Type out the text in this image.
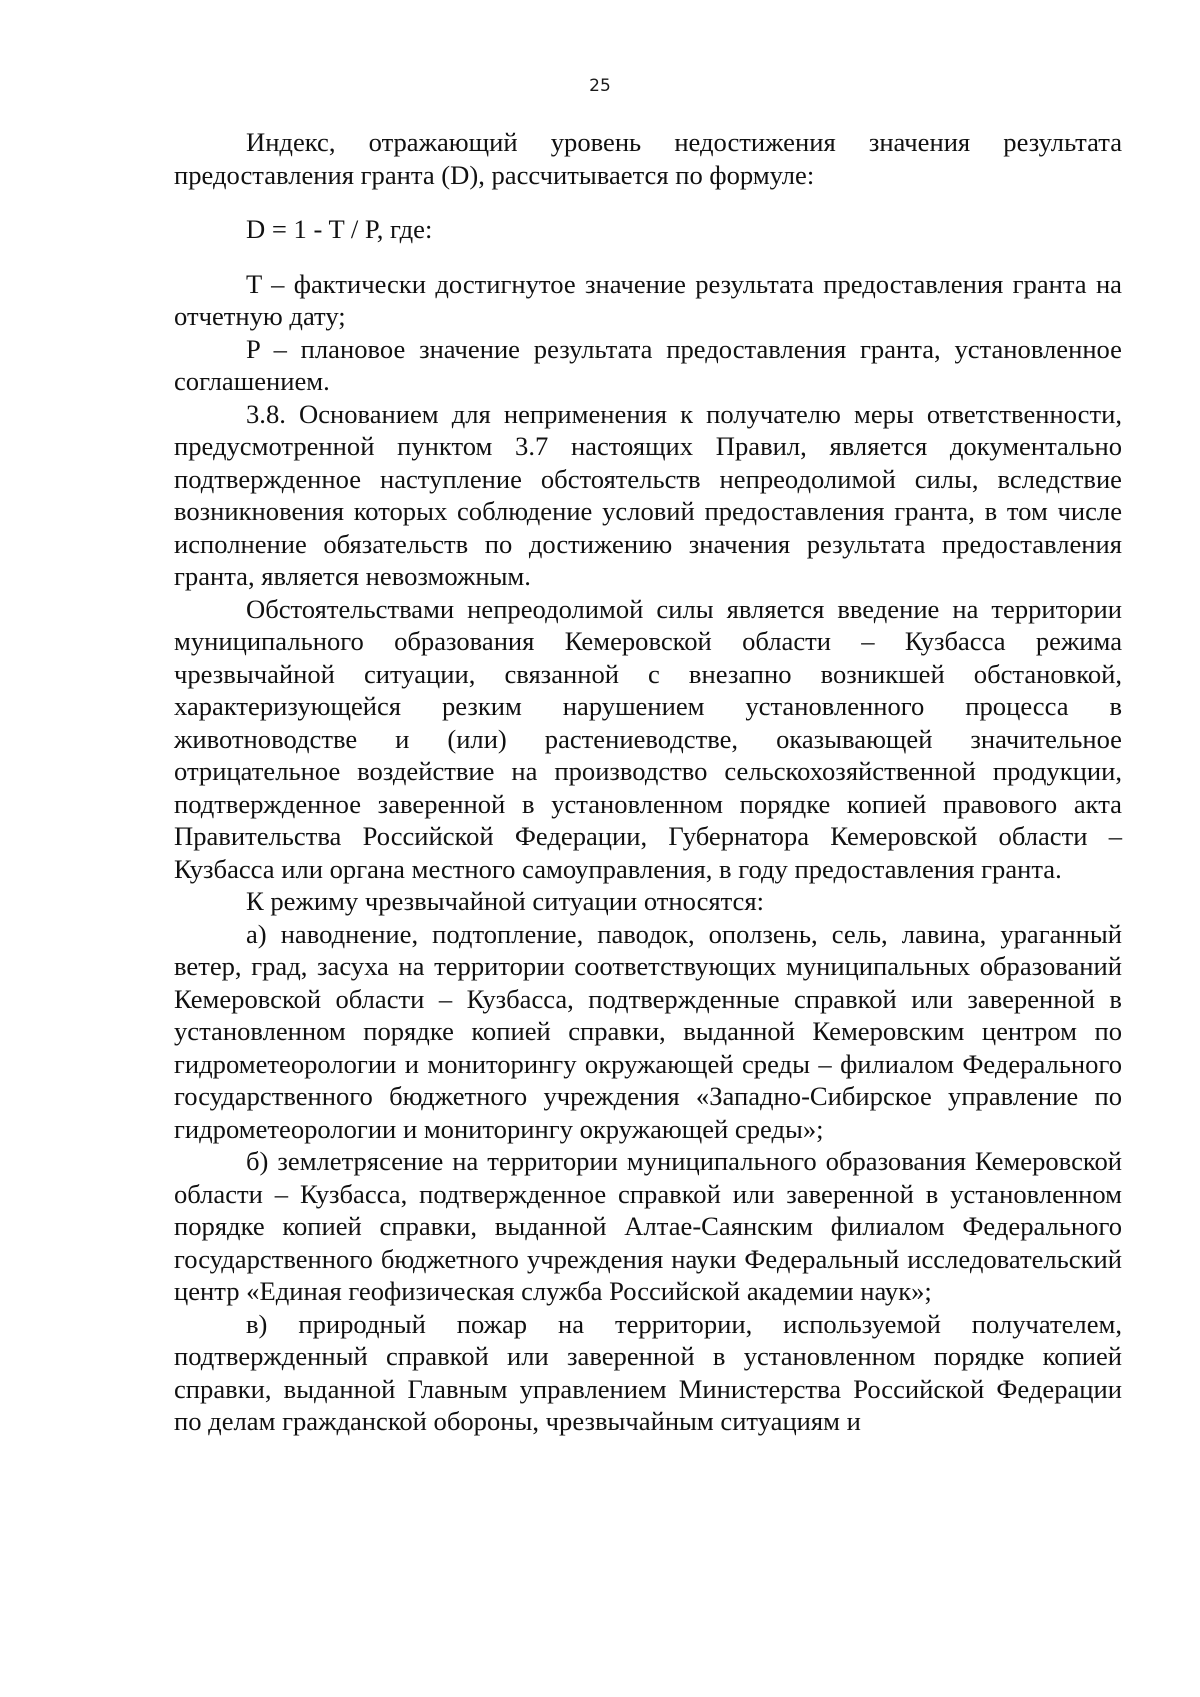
25

Индекс, отражающий уровень недостижения значения результата предоставления гранта (D), рассчитывается по формуле:

D = 1 - T / P, где:

T – фактически достигнутое значение результата предоставления гранта на отчетную дату;

P – плановое значение результата предоставления гранта, установленное соглашением.

3.8. Основанием для неприменения к получателю меры ответственности, предусмотренной пунктом 3.7 настоящих Правил, является документально подтвержденное наступление обстоятельств непреодолимой силы, вследствие возникновения которых соблюдение условий предоставления гранта, в том числе исполнение обязательств по достижению значения результата предоставления гранта, является невозможным.

Обстоятельствами непреодолимой силы является введение на территории муниципального образования Кемеровской области – Кузбасса режима чрезвычайной ситуации, связанной с внезапно возникшей обстановкой, характеризующейся резким нарушением установленного процесса в животноводстве и (или) растениеводстве, оказывающей значительное отрицательное воздействие на производство сельскохозяйственной продукции, подтвержденное заверенной в установленном порядке копией правового акта Правительства Российской Федерации, Губернатора Кемеровской области – Кузбасса или органа местного самоуправления, в году предоставления гранта.

К режиму чрезвычайной ситуации относятся:

а) наводнение, подтопление, паводок, оползень, сель, лавина, ураганный ветер, град, засуха на территории соответствующих муниципальных образований Кемеровской области – Кузбасса, подтвержденные справкой или заверенной в установленном порядке копией справки, выданной Кемеровским центром по гидрометеорологии и мониторингу окружающей среды – филиалом Федерального государственного бюджетного учреждения «Западно-Сибирское управление по гидрометеорологии и мониторингу окружающей среды»;

б) землетрясение на территории муниципального образования Кемеровской области – Кузбасса, подтвержденное справкой или заверенной в установленном порядке копией справки, выданной Алтае-Саянским филиалом Федерального государственного бюджетного учреждения науки Федеральный исследовательский центр «Единая геофизическая служба Российской академии наук»;

в) природный пожар на территории, используемой получателем, подтвержденный справкой или заверенной в установленном порядке копией справки, выданной Главным управлением Министерства Российской Федерации по делам гражданской обороны, чрезвычайным ситуациям и
